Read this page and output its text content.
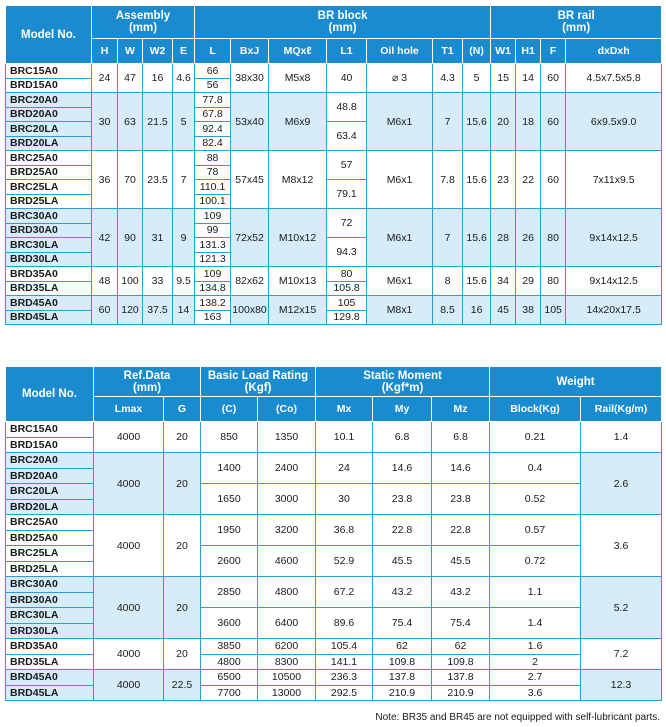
Model No.	Assembly
(mm)				BR block
(mm)							BR rail
(mm)			
	H	W	W2	E	L	BxJ	MQxℓ	L1	Oil hole	T1	(N)	W1	H1	F	dxDxh
BRC15A0	24	47	16	4.6	66	38x30	M5x8	40	⌀ 3	4.3	5	15	14	60	4.5x7.5x5.8
BRD15A0					56										
BRC20A0	30	63	21.5	5	77.8	53x40	M6x9	48.8	M6x1	7	15.6	20	18	60	6x9.5x9.0
BRD20A0					67.8										
BRC20LA					92.4			63.4							
BRD20LA					82.4										
BRC25A0	36	70	23.5	7	88	57x45	M8x12	57	M6x1	7.8	15.6	23	22	60	7x11x9.5
BRD25A0					78										
BRC25LA					110.1			79.1							
BRD25LA					100.1										
BRC30A0	42	90	31	9	109	72x52	M10x12	72	M6x1	7	15.6	28	26	80	9x14x12.5
BRD30A0					99										
BRC30LA					131.3			94.3							
BRD30LA					121.3										
BRD35A0	48	100	33	9.5	109	82x62	M10x13	80	M6x1	8	15.6	34	29	80	9x14x12.5
BRD35LA					134.8			105.8							
BRD45A0	60	120	37.5	14	138.2	100x80	M12x15	105	M8x1	8.5	16	45	38	105	14x20x17.5
BRD45LA					163			129.8							
Model No.	Ref.Data
(mm)		Basic Load Rating
(Kgf)		Static Moment
(Kgf*m)			Weight	
	Lmax	G	(C)	(Co)	Mx	My	Mz	Block(Kg)	Rail(Kg/m)
BRC15A0	4000	20	850	1350	10.1	6.8	6.8	0.21	1.4
BRD15A0									
BRC20A0	4000	20	1400	2400	24	14.6	14.6	0.4	2.6
BRD20A0									
BRC20LA			1650	3000	30	23.8	23.8	0.52	
BRD20LA									
BRC25A0	4000	20	1950	3200	36.8	22.8	22.8	0.57	3.6
BRD25A0									
BRC25LA			2600	4600	52.9	45.5	45.5	0.72	
BRD25LA									
BRC30A0	4000	20	2850	4800	67.2	43.2	43.2	1.1	5.2
BRD30A0									
BRC30LA			3600	6400	89.6	75.4	75.4	1.4	
BRD30LA									
BRD35A0	4000	20	3850	6200	105.4	62	62	1.6	7.2
BRD35LA			4800	8300	141.1	109.8	109.8	2	
BRD45A0	4000	22.5	6500	10500	236.3	137.8	137.8	2.7	12.3
BRD45LA			7700	13000	292.5	210.9	210.9	3.6	
Note: BR35 and BR45 are not equipped with self-lubricant parts.
